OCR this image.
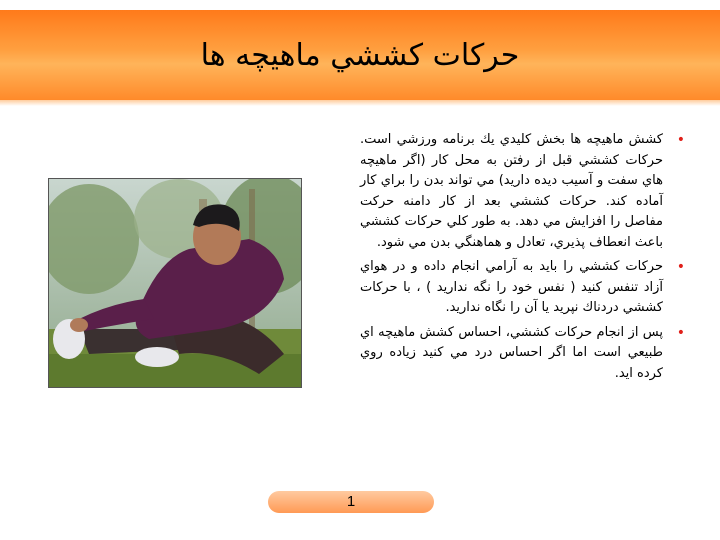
حركات كششي ماهيچه ها
•
كشش ماهيچه ها بخش كليدي يك برنامه ورزشي است. حركات كششي قبل از رفتن به محل كار (اگر ماهيچه هاي سفت و آسيب ديده داريد) مي تواند بدن را براي كار آماده كند. حركات كششي بعد از كار دامنه حركت مفاصل را افزايش مي دهد. به طور كلي حركات كششي باعث انعطاف پذيري، تعادل و هماهنگي بدن مي شود.
•
حركات كششي را بايد به آرامي انجام داده و در هواي آزاد تنفس كنيد ( نفس خود را نگه نداريد ) ، با حركات كششي دردناك نپريد يا آن را نگاه نداريد.
•
پس از انجام حركات كششي، احساس كشش ماهيچه اي طبيعي است اما اگر احساس درد مي كنيد زياده روي كرده ايد.
1
